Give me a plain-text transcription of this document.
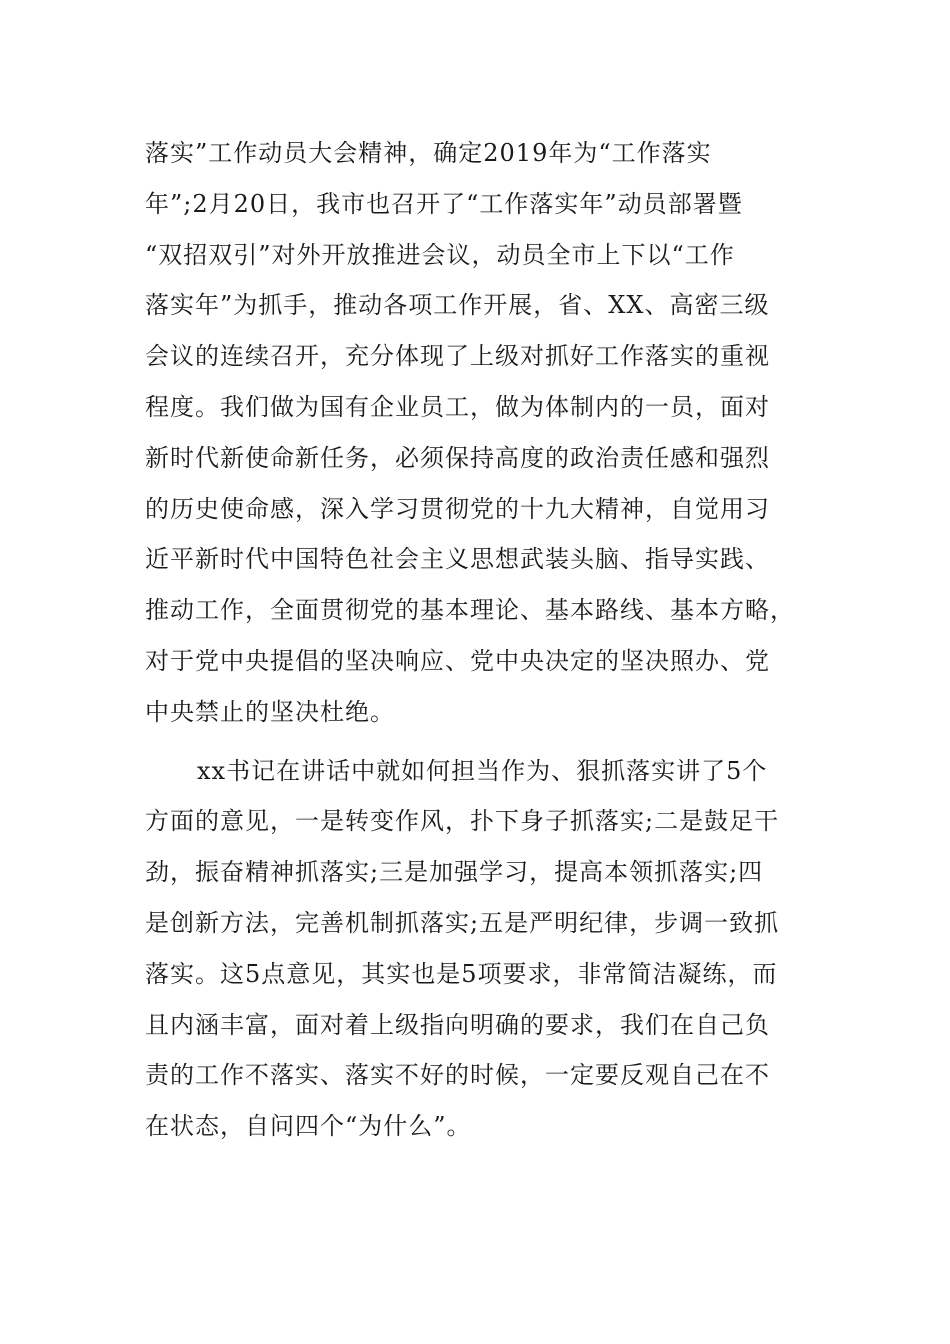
落实”工作动员大会精神，确定2019年为“工作落实
年”;2月20日，我市也召开了“工作落实年”动员部署暨
“双招双引”对外开放推进会议，动员全市上下以“工作
落实年”为抓手，推动各项工作开展，省、XX、高密三级
会议的连续召开，充分体现了上级对抓好工作落实的重视
程度。我们做为国有企业员工，做为体制内的一员，面对
新时代新使命新任务，必须保持高度的政治责任感和强烈
的历史使命感，深入学习贯彻党的十九大精神，自觉用习
近平新时代中国特色社会主义思想武装头脑、指导实践、
推动工作，全面贯彻党的基本理论、基本路线、基本方略，
对于党中央提倡的坚决响应、党中央决定的坚决照办、党
中央禁止的坚决杜绝。
xx书记在讲话中就如何担当作为、狠抓落实讲了5个
方面的意见，一是转变作风，扑下身子抓落实;二是鼓足干
劲，振奋精神抓落实;三是加强学习，提高本领抓落实;四
是创新方法，完善机制抓落实;五是严明纪律，步调一致抓
落实。这5点意见，其实也是5项要求，非常简洁凝练，而
且内涵丰富，面对着上级指向明确的要求，我们在自己负
责的工作不落实、落实不好的时候，一定要反观自己在不
在状态，自问四个“为什么”。
